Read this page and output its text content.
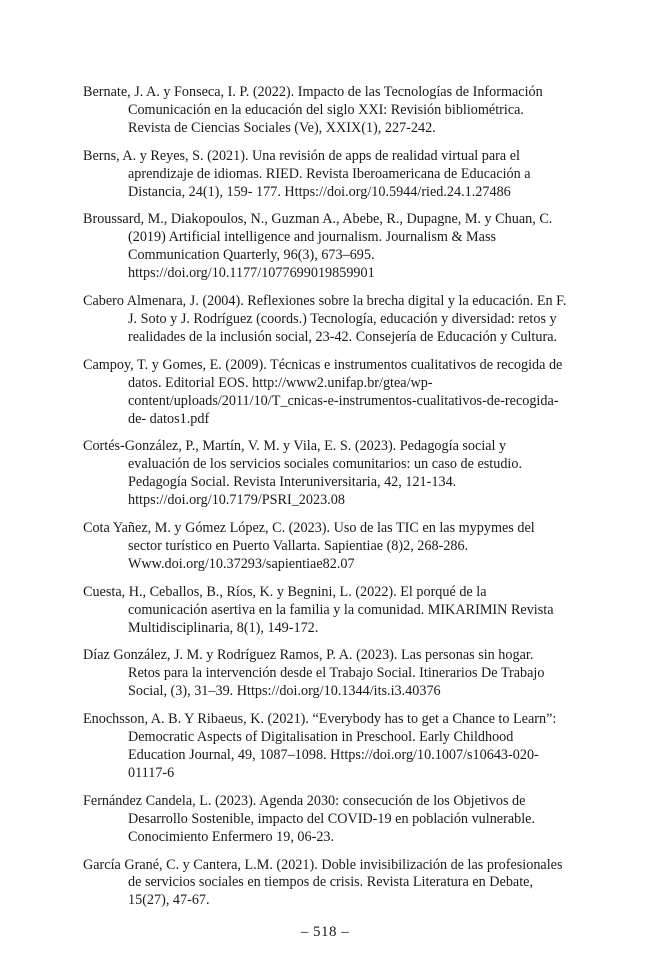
Bernate, J. A. y Fonseca, I. P. (2022). Impacto de las Tecnologías de Información Comunicación en la educación del siglo XXI: Revisión bibliométrica. Revista de Ciencias Sociales (Ve), XXIX(1), 227-242.

Berns, A. y Reyes, S. (2021). Una revisión de apps de realidad virtual para el aprendizaje de idiomas. RIED. Revista Iberoamericana de Educación a Distancia, 24(1), 159- 177. Https://doi.org/10.5944/ried.24.1.27486

Broussard, M., Diakopoulos, N., Guzman A., Abebe, R., Dupagne, M. y Chuan, C. (2019) Artificial intelligence and journalism. Journalism & Mass Communication Quarterly, 96(3), 673–695. https://doi.org/10.1177/1077699019859901

Cabero Almenara, J. (2004). Reflexiones sobre la brecha digital y la educación. En F. J. Soto y J. Rodríguez (coords.) Tecnología, educación y diversidad: retos y realidades de la inclusión social, 23-42. Consejería de Educación y Cultura.

Campoy, T. y Gomes, E. (2009). Técnicas e instrumentos cualitativos de recogida de datos. Editorial EOS. http://www2.unifap.br/gtea/wp-content/uploads/2011/10/T_cnicas-e-instrumentos-cualitativos-de-recogida-de- datos1.pdf

Cortés-González, P., Martín, V. M. y Vila, E. S. (2023). Pedagogía social y evaluación de los servicios sociales comunitarios: un caso de estudio. Pedagogía Social. Revista Interuniversitaria, 42, 121-134. https://doi.org/10.7179/PSRI_2023.08

Cota Yañez, M. y Gómez López, C. (2023). Uso de las TIC en las mypymes del sector turístico en Puerto Vallarta. Sapientiae (8)2, 268-286. Www.doi.org/10.37293/sapientiae82.07

Cuesta, H., Ceballos, B., Ríos, K. y Begnini, L. (2022). El porqué de la comunicación asertiva en la familia y la comunidad. MIKARIMIN Revista Multidisciplinaria, 8(1), 149-172.

Díaz González, J. M. y Rodríguez Ramos, P. A. (2023). Las personas sin hogar. Retos para la intervención desde el Trabajo Social. Itinerarios De Trabajo Social, (3), 31–39. Https://doi.org/10.1344/its.i3.40376

Enochsson, A. B. Y Ribaeus, K. (2021). “Everybody has to get a Chance to Learn”: Democratic Aspects of Digitalisation in Preschool. Early Childhood Education Journal, 49, 1087–1098. Https://doi.org/10.1007/s10643-020-01117-6

Fernández Candela, L. (2023). Agenda 2030: consecución de los Objetivos de Desarrollo Sostenible, impacto del COVID-19 en población vulnerable. Conocimiento Enfermero 19, 06-23.

García Grané, C. y Cantera, L.M. (2021). Doble invisibilización de las profesionales de servicios sociales en tiempos de crisis. Revista Literatura en Debate, 15(27), 47-67.

– 518 –
